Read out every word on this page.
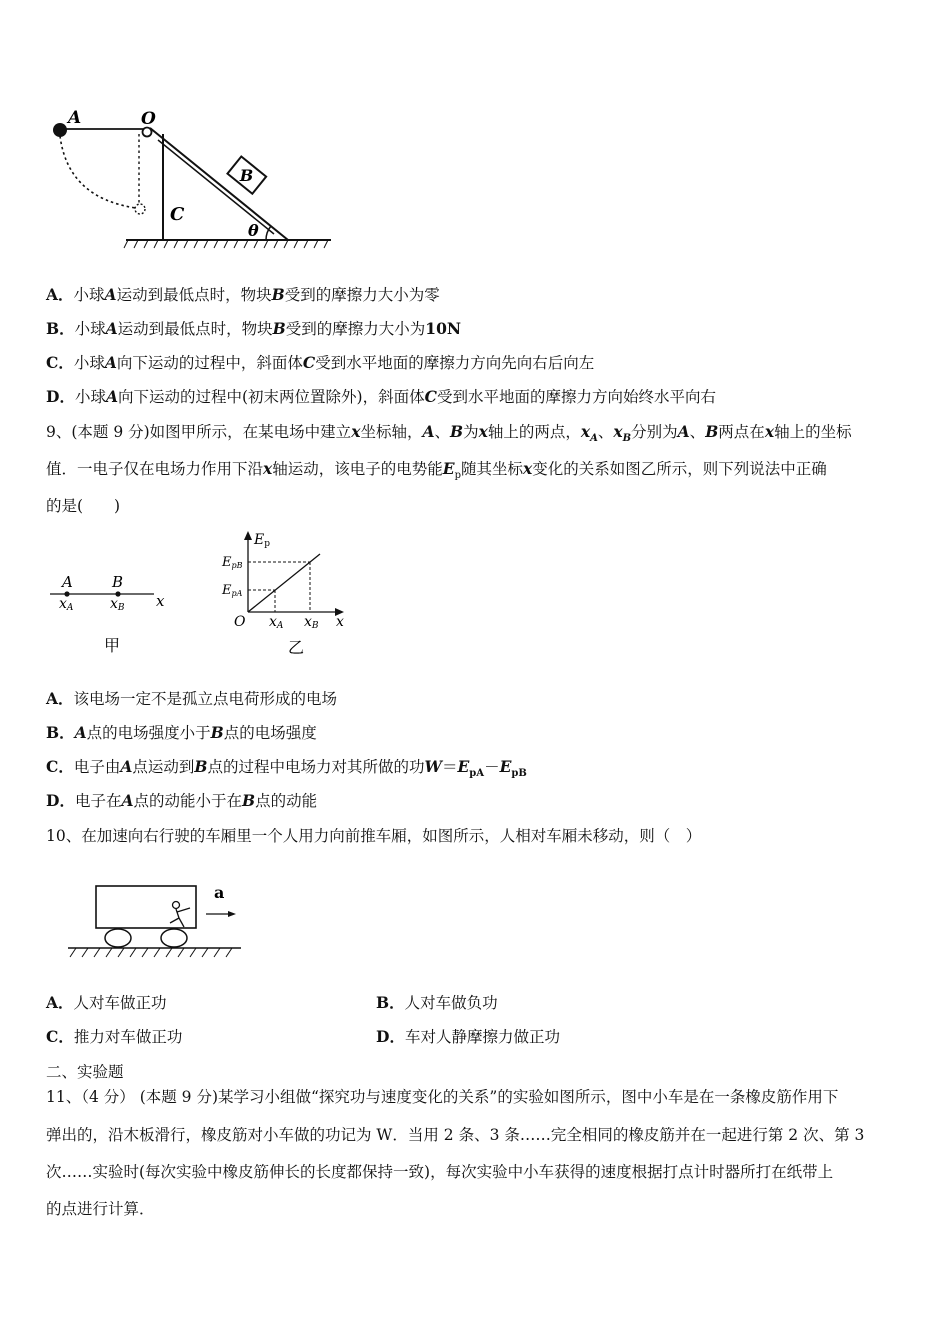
B
A	O
C
θ
A．小球A运动到最低点时，物块B受到的摩擦力大小为零
B．小球A运动到最低点时，物块B受到的摩擦力大小为10N
C．小球A向下运动的过程中，斜面体C受到水平地面的摩擦力方向先向右后向左
D．小球A向下运动的过程中(初末两位置除外)，斜面体C受到水平地面的摩擦力方向始终水平向右
9、(本题 9 分)如图甲所示，在某电场中建立x坐标轴，A、B为x轴上的两点，$x_A$、$x_B$分别为A、B两点在x轴上的坐标
值．一电子仅在电场力作用下沿x轴运动，该电子的电势能$E_p$随其坐标x变化的关系如图乙所示，则下列说法中正确
的是(　　)
A	B
xA	xB x
甲
Ep
EpB
EpA
O xA xB x
乙
A．该电场一定不是孤立点电荷形成的电场
B．A点的电场强度小于B点的电场强度
C．电子由A点运动到B点的过程中电场力对其所做的功$W=E_{pA}-E_{pB}$
D．电子在A点的动能小于在B点的动能
10、在加速向右行驶的车厢里一个人用力向前推车厢，如图所示，人相对车厢未移动，则（　）
a
A．人对车做正功	B．人对车做负功
C．推力对车做正功	D．车对人静摩擦力做正功
二、实验题
11、（4 分） (本题 9 分)某学习小组做“探究功与速度变化的关系”的实验如图所示，图中小车是在一条橡皮筋作用下
弹出的，沿木板滑行，橡皮筋对小车做的功记为 W．当用 2 条、3 条……完全相同的橡皮筋并在一起进行第 2 次、第 3
次……实验时(每次实验中橡皮筋伸长的长度都保持一致)，每次实验中小车获得的速度根据打点计时器所打在纸带上
的点进行计算．
